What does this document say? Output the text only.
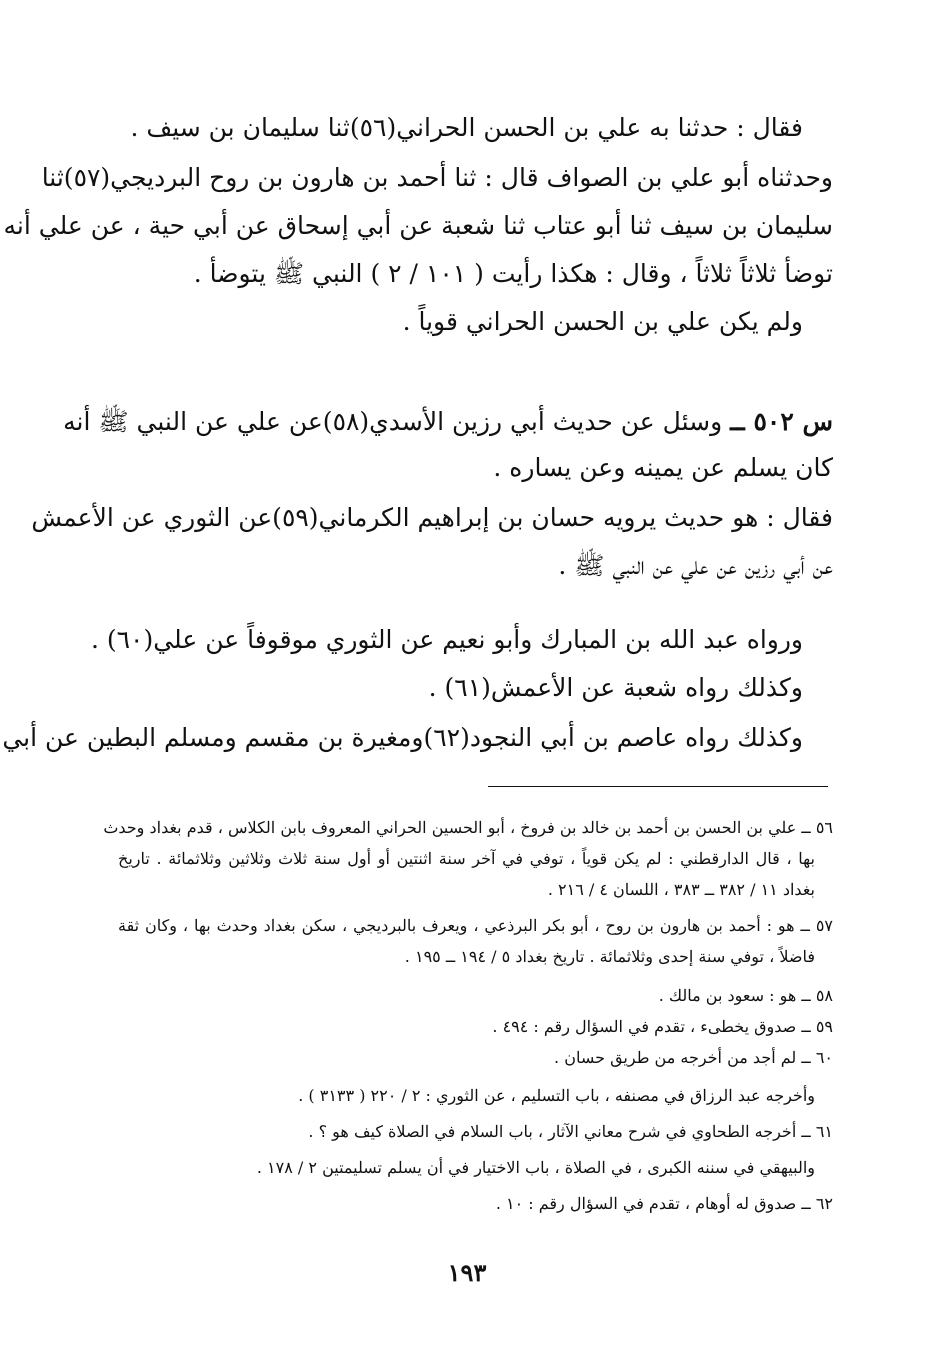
فقال : حدثنا به علي بن الحسن الحراني(٥٦)ثنا سليمان بن سيف .
وحدثناه أبو علي بن الصواف قال : ثنا أحمد بن هارون بن روح البرديجي(٥٧)ثنا
سليمان بن سيف ثنا أبو عتاب ثنا شعبة عن أبي إسحاق عن أبي حية ، عن علي أنه
توضأ ثلاثاً ثلاثاً ، وقال : هكذا رأيت ( ١٠١ / ٢ ) النبي ﷺ يتوضأ .
ولم يكن علي بن الحسن الحراني قوياً .
س ٥٠٢ ــ وسئل عن حديث أبي رزين الأسدي(٥٨)عن علي عن النبي ﷺ أنه
كان يسلم عن يمينه وعن يساره .
فقال : هو حديث يرويه حسان بن إبراهيم الكرماني(٥٩)عن الثوري عن الأعمش
عن أبي رزين عن علي عن النبي ﷺ .
ورواه عبد الله بن المبارك وأبو نعيم عن الثوري موقوفاً عن علي(٦٠) .
وكذلك رواه شعبة عن الأعمش(٦١) .
وكذلك رواه عاصم بن أبي النجود(٦٢)ومغيرة بن مقسم ومسلم البطين عن أبي
٥٦ ــ علي بن الحسن بن أحمد بن خالد بن فروخ ، أبو الحسين الحراني المعروف بابن الكلاس ، قدم بغداد وحدث
بها ، قال الدارقطني : لم يكن قوياً ، توفي في آخر سنة اثنتين أو أول سنة ثلاث وثلاثين وثلاثمائة . تاريخ
بغداد ١١ / ٣٨٢ ــ ٣٨٣ ، اللسان ٤ / ٢١٦ .
٥٧ ــ هو : أحمد بن هارون بن روح ، أبو بكر البرذعي ، ويعرف بالبرديجي ، سكن بغداد وحدث بها ، وكان ثقة
فاضلاً ، توفي سنة إحدى وثلاثمائة . تاريخ بغداد ٥ / ١٩٤ ــ ١٩٥ .
٥٨ ــ هو : سعود بن مالك .
٥٩ ــ صدوق يخطىء ، تقدم في السؤال رقم : ٤٩٤ .
٦٠ ــ لم أجد من أخرجه من طريق حسان .
وأخرجه عبد الرزاق في مصنفه ، باب التسليم ، عن الثوري : ٢ / ٢٢٠ ( ٣١٣٣ ) .
٦١ ــ أخرجه الطحاوي في شرح معاني الآثار ، باب السلام في الصلاة كيف هو ؟ .
والبيهقي في سننه الكبرى ، في الصلاة ، باب الاختيار في أن يسلم تسليمتين ٢ / ١٧٨ .
٦٢ ــ صدوق له أوهام ، تقدم في السؤال رقم : ١٠ .
١٩٣
